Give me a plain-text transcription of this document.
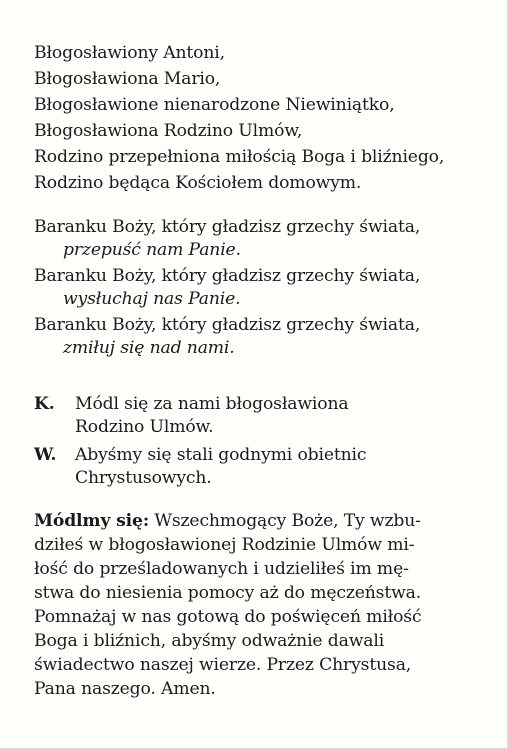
Błogosławiony Antoni,
Błogosławiona Mario,
Błogosławione nienarodzone Niewiniątko,
Błogosławiona Rodzino Ulmów,
Rodzino przepełniona miłością Boga i bliźniego,
Rodzino będąca Kościołem domowym.
Baranku Boży, który gładzisz grzechy świata,
przepuść nam Panie.
Baranku Boży, który gładzisz grzechy świata,
wysłuchaj nas Panie.
Baranku Boży, który gładzisz grzechy świata,
zmiłuj się nad nami.
K. Módl się za nami błogosławiona
Rodzino Ulmów.
W. Abyśmy się stali godnymi obietnic
Chrystusowych.
Módlmy się: Wszechmogący Boże, Ty wzbu-
dziłeś w błogosławionej Rodzinie Ulmów mi-
łość do prześladowanych i udzieliłeś im mę-
stwa do niesienia pomocy aż do męczeństwa.
Pomnażaj w nas gotową do poświęceń miłość
Boga i bliźnich, abyśmy odważnie dawali
świadectwo naszej wierze. Przez Chrystusa,
Pana naszego. Amen.
